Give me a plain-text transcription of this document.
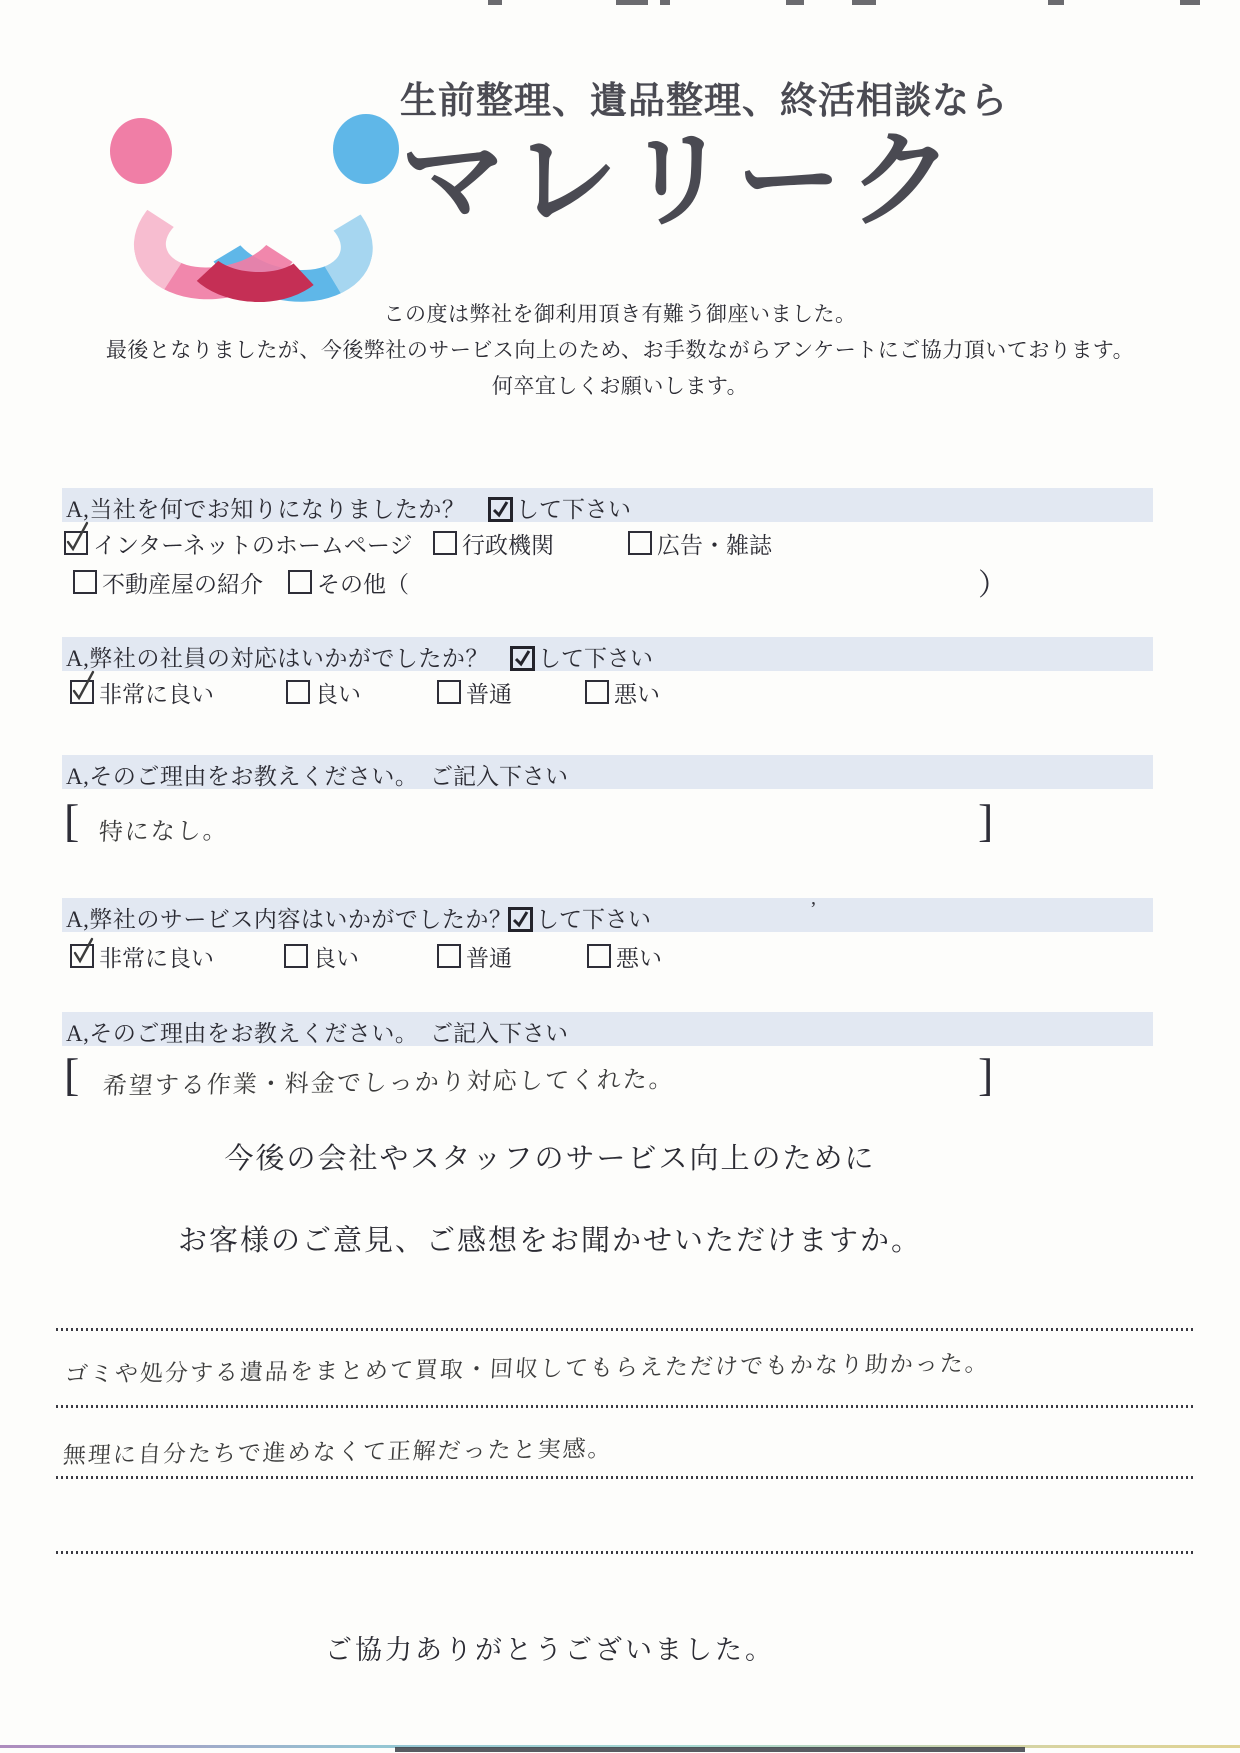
生前整理、遺品整理、終活相談なら
マレリーク
この度は弊社を御利用頂き有難う御座いました。
最後となりましたが、今後弊社のサービス向上のため、お手数ながらアンケートにご協力頂いております。
何卒宜しくお願いします。
A,当社を何でお知りになりましたか？ して下さい
インターネットのホームページ 行政機関	広告・雑誌
不動産屋の紹介 その他（	）
A,弊社の社員の対応はいかがでしたか？ して下さい
非常に良い	良い	普通	悪い
A,そのご理由をお教えください。 ご記入下さい
[ 特になし。	]
A,弊社のサービス内容はいかがでしたか？ して下さい	’
非常に良い	良い	普通	悪い
A,そのご理由をお教えください。 ご記入下さい
[ 希望する作業・料金でしっかり対応してくれた。	]
今後の会社やスタッフのサービス向上のために
お客様のご意見、ご感想をお聞かせいただけますか。
ゴミや処分する遺品をまとめて買取・回収してもらえただけでもかなり助かった。
無理に自分たちで進めなくて正解だったと実感。
ご協力ありがとうございました。
